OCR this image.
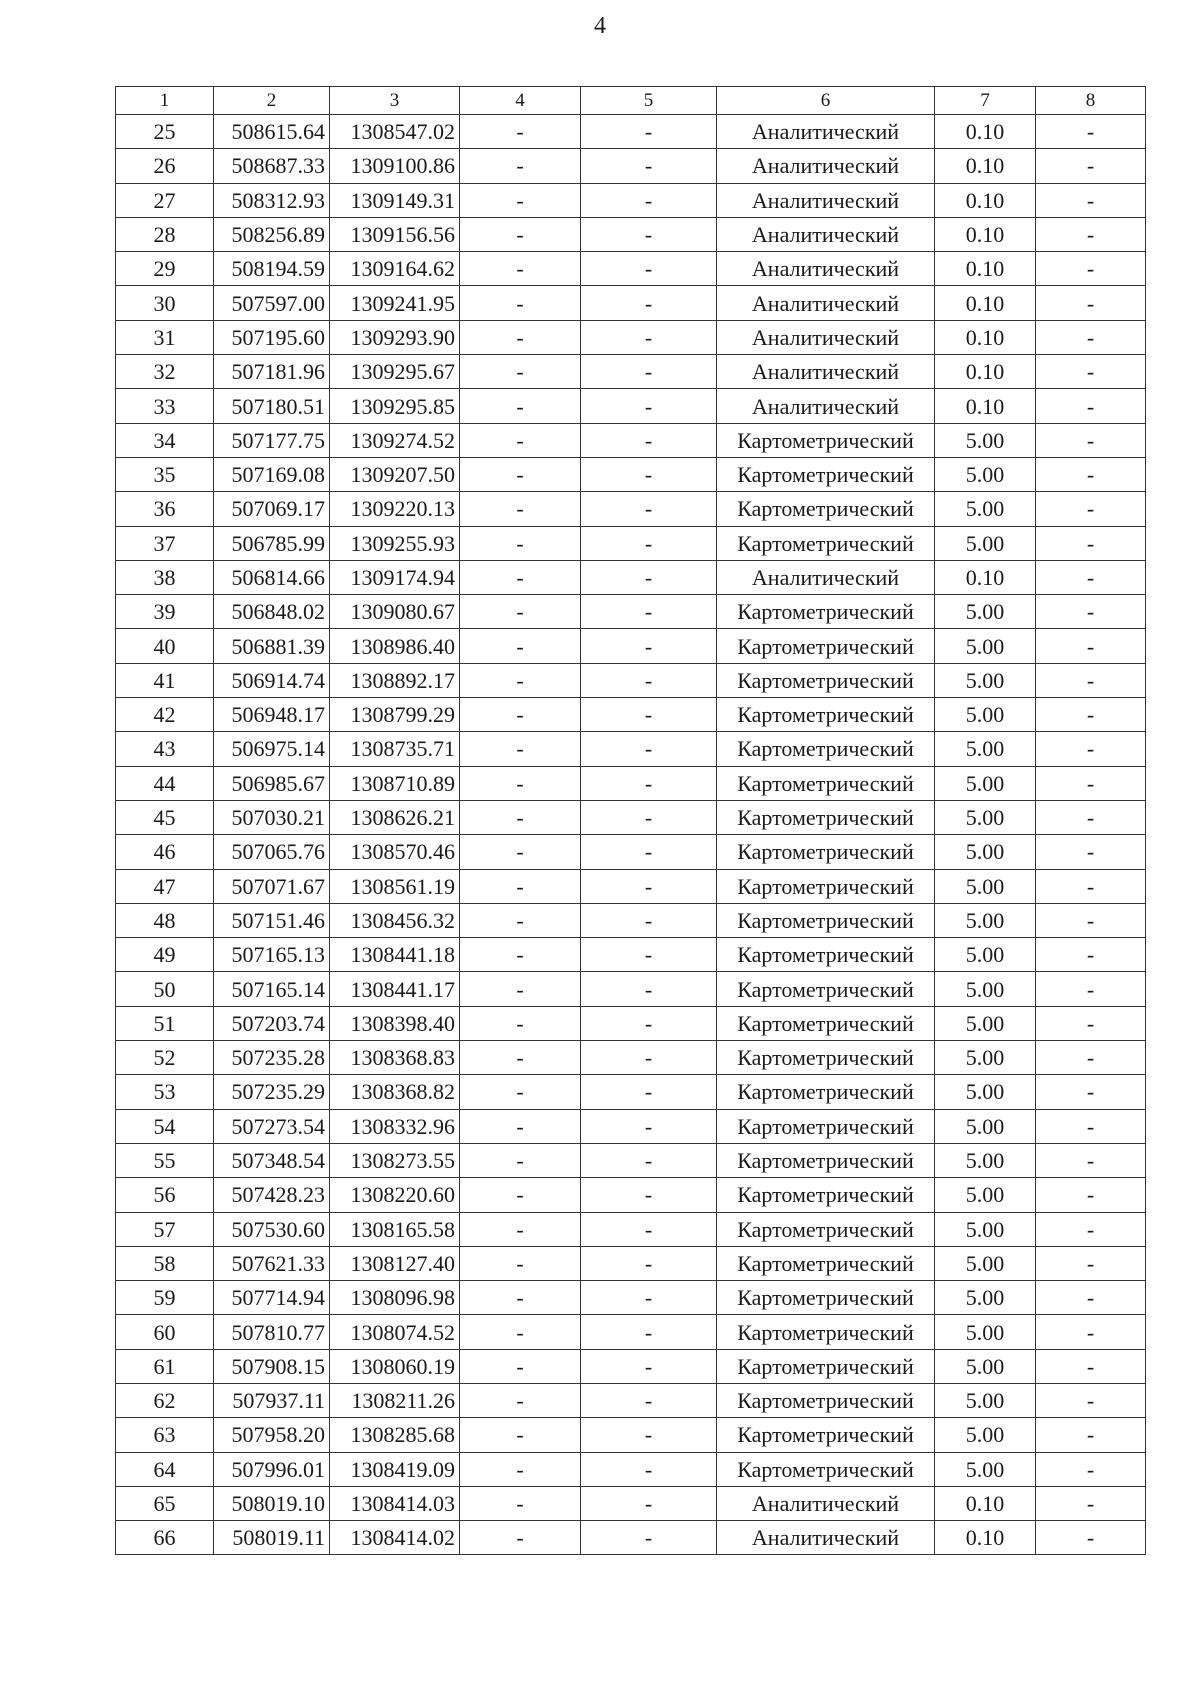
4
1	2	3	4	5	6	7	8
25	508615.64	1308547.02	-	-	Аналитический	0.10	-
26	508687.33	1309100.86	-	-	Аналитический	0.10	-
27	508312.93	1309149.31	-	-	Аналитический	0.10	-
28	508256.89	1309156.56	-	-	Аналитический	0.10	-
29	508194.59	1309164.62	-	-	Аналитический	0.10	-
30	507597.00	1309241.95	-	-	Аналитический	0.10	-
31	507195.60	1309293.90	-	-	Аналитический	0.10	-
32	507181.96	1309295.67	-	-	Аналитический	0.10	-
33	507180.51	1309295.85	-	-	Аналитический	0.10	-
34	507177.75	1309274.52	-	-	Картометрический	5.00	-
35	507169.08	1309207.50	-	-	Картометрический	5.00	-
36	507069.17	1309220.13	-	-	Картометрический	5.00	-
37	506785.99	1309255.93	-	-	Картометрический	5.00	-
38	506814.66	1309174.94	-	-	Аналитический	0.10	-
39	506848.02	1309080.67	-	-	Картометрический	5.00	-
40	506881.39	1308986.40	-	-	Картометрический	5.00	-
41	506914.74	1308892.17	-	-	Картометрический	5.00	-
42	506948.17	1308799.29	-	-	Картометрический	5.00	-
43	506975.14	1308735.71	-	-	Картометрический	5.00	-
44	506985.67	1308710.89	-	-	Картометрический	5.00	-
45	507030.21	1308626.21	-	-	Картометрический	5.00	-
46	507065.76	1308570.46	-	-	Картометрический	5.00	-
47	507071.67	1308561.19	-	-	Картометрический	5.00	-
48	507151.46	1308456.32	-	-	Картометрический	5.00	-
49	507165.13	1308441.18	-	-	Картометрический	5.00	-
50	507165.14	1308441.17	-	-	Картометрический	5.00	-
51	507203.74	1308398.40	-	-	Картометрический	5.00	-
52	507235.28	1308368.83	-	-	Картометрический	5.00	-
53	507235.29	1308368.82	-	-	Картометрический	5.00	-
54	507273.54	1308332.96	-	-	Картометрический	5.00	-
55	507348.54	1308273.55	-	-	Картометрический	5.00	-
56	507428.23	1308220.60	-	-	Картометрический	5.00	-
57	507530.60	1308165.58	-	-	Картометрический	5.00	-
58	507621.33	1308127.40	-	-	Картометрический	5.00	-
59	507714.94	1308096.98	-	-	Картометрический	5.00	-
60	507810.77	1308074.52	-	-	Картометрический	5.00	-
61	507908.15	1308060.19	-	-	Картометрический	5.00	-
62	507937.11	1308211.26	-	-	Картометрический	5.00	-
63	507958.20	1308285.68	-	-	Картометрический	5.00	-
64	507996.01	1308419.09	-	-	Картометрический	5.00	-
65	508019.10	1308414.03	-	-	Аналитический	0.10	-
66	508019.11	1308414.02	-	-	Аналитический	0.10	-
